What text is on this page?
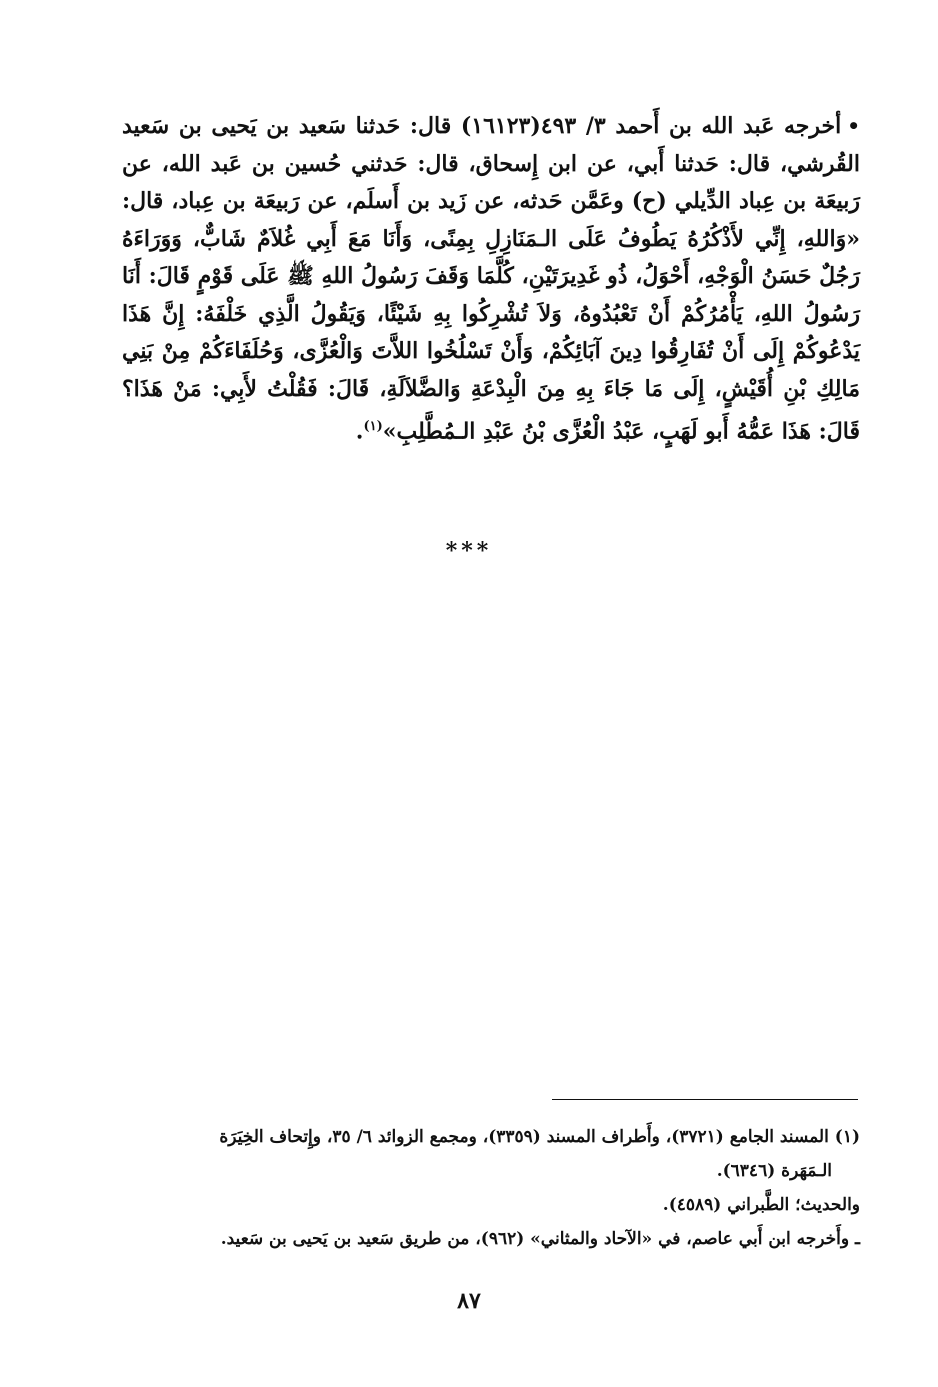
•أخرجه عَبد الله بن أَحمد ٣/ ٤٩٣(١٦١٢٣) قال: حَدثنا سَعيد بن يَحيى بن سَعيد القُرشي، قال: حَدثنا أَبي، عن ابن إِسحاق، قال: حَدثني حُسين بن عَبد الله، عن رَبيعَة بن عِباد الدِّيلي (ح) وعَمَّن حَدثه، عن زَيد بن أَسلَم، عن رَبيعَة بن عِباد، قال: «وَاللهِ، إِنِّي لأَذْكُرُهُ يَطُوفُ عَلَى الـمَنَازِلِ بِمِنًى، وَأَنَا مَعَ أَبِي غُلاَمٌ شَابٌّ، وَوَرَاءَهُ رَجُلٌ حَسَنُ الْوَجْهِ، أَحْوَلُ، ذُو غَدِيرَتَيْنِ، كُلَّمَا وَقَفَ رَسُولُ اللهِ ﷺ عَلَى قَوْمٍ قَالَ: أَنَا رَسُولُ اللهِ، يَأْمُرُكُمْ أَنْ تَعْبُدُوهُ، وَلاَ تُشْرِكُوا بِهِ شَيْئًا، وَيَقُولُ الَّذِي خَلْفَهُ: إِنَّ هَذَا يَدْعُوكُمْ إِلَى أَنْ تُفَارِقُوا دِينَ آبَائِكُمْ، وَأَنْ تَسْلُخُوا اللاَّتَ وَالْعُزَّى، وَحُلَفَاءَكُمْ مِنْ بَنِي مَالِكِ بْنِ أُقَيْشٍ، إِلَى مَا جَاءَ بِهِ مِنَ الْبِدْعَةِ وَالضَّلاَلَةِ، قَالَ: فَقُلْتُ لأَبِي: مَنْ هَذَا؟ قَالَ: هَذَا عَمُّهُ أَبو لَهَبٍ، عَبْدُ الْعُزَّى بْنُ عَبْدِ الـمُطَّلِبِ»$^{(١)}$.

***

(١) المسند الجامع (٣٧٢١)، وأَطراف المسند (٣٣٥٩)، ومجمع الزوائد ٦/ ٣٥، وإِتحاف الخِيَرَة

الـمَهَرة (٦٣٤٦).

والحديث؛ الطَّبراني (٤٥٨٩).

ـ وأَخرجه ابن أَبي عاصم، في «الآحاد والمثاني» (٩٦٢)، من طريق سَعيد بن يَحيى بن سَعيد.

٨٧
